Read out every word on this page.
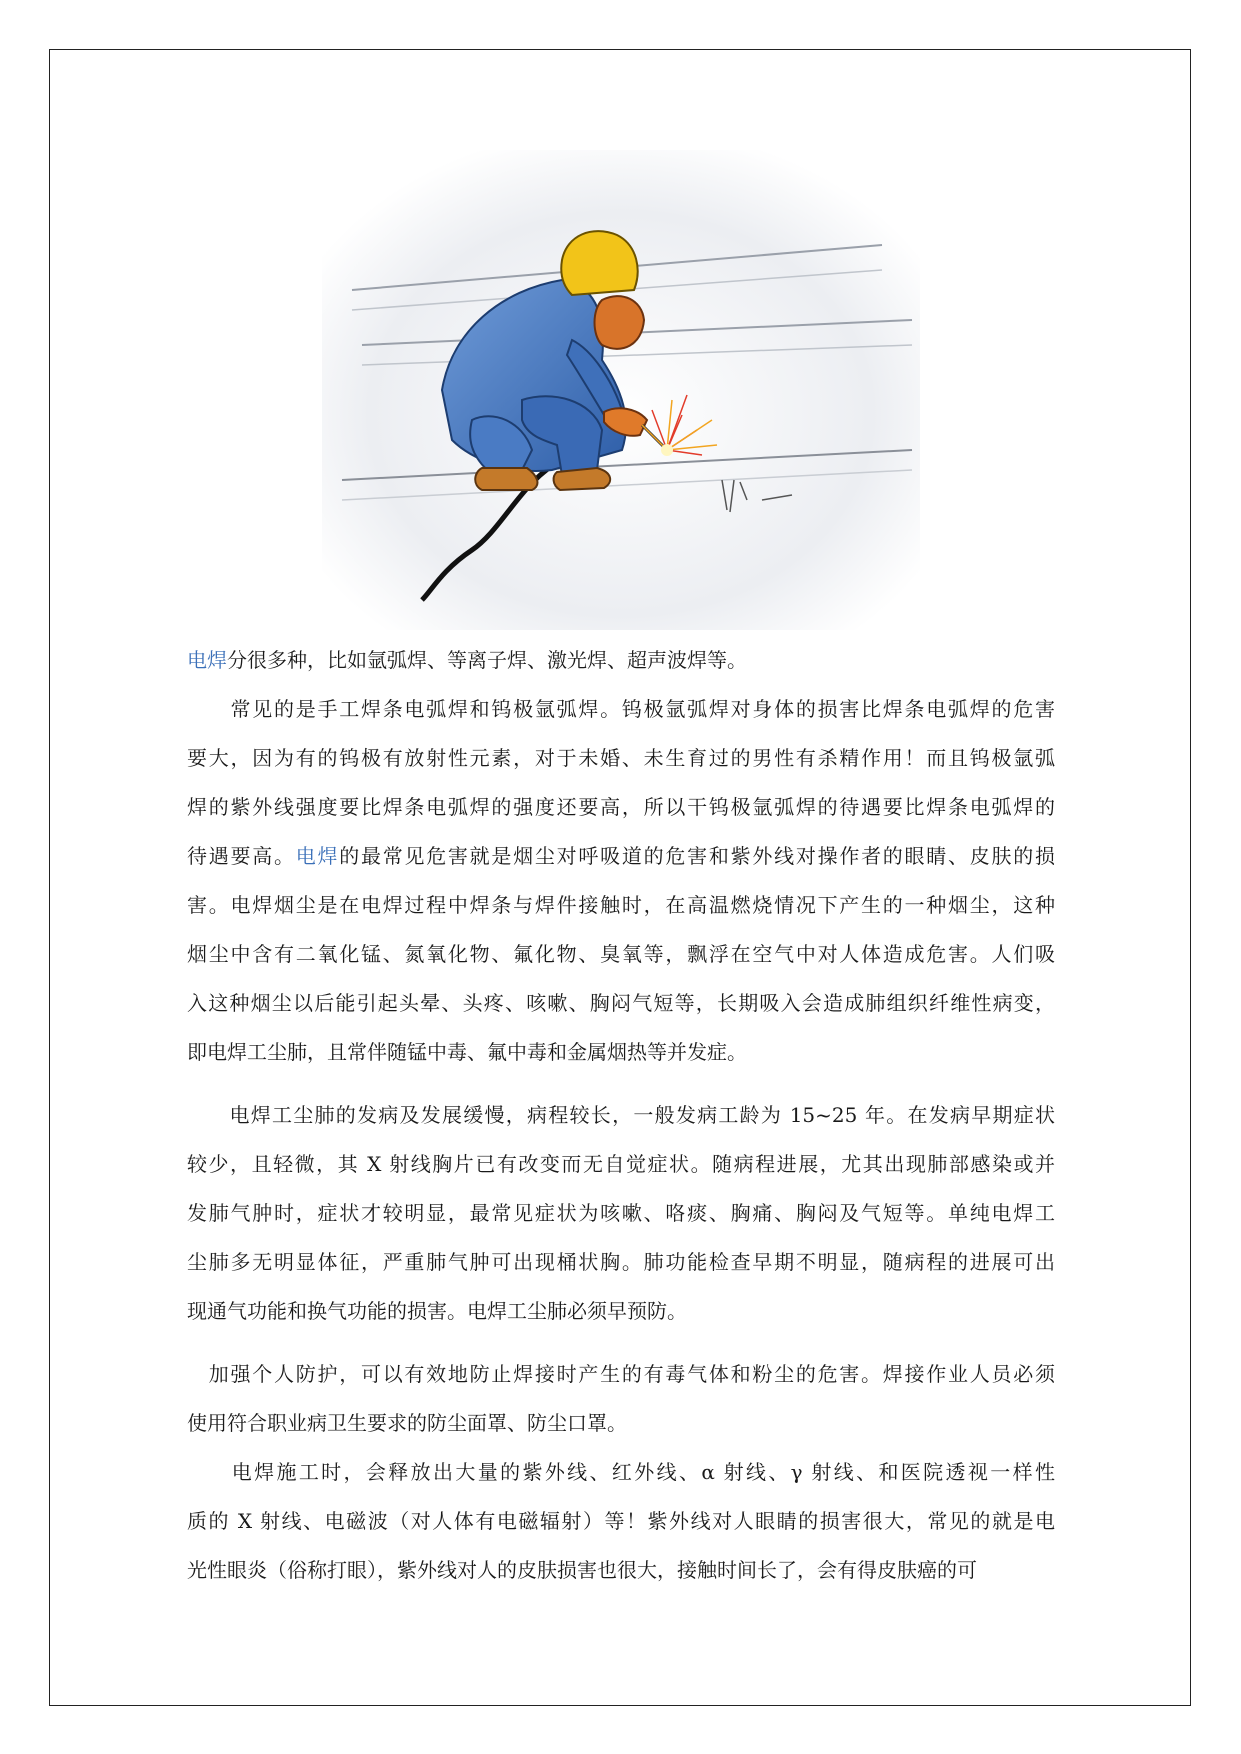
电焊分很多种，比如氩弧焊、等离子焊、激光焊、超声波焊等。
　　常见的是手工焊条电弧焊和钨极氩弧焊。钨极氩弧焊对身体的损害比焊条电弧焊的危害
要大，因为有的钨极有放射性元素，对于未婚、未生育过的男性有杀精作用！而且钨极氩弧
焊的紫外线强度要比焊条电弧焊的强度还要高，所以干钨极氩弧焊的待遇要比焊条电弧焊的
待遇要高。电焊的最常见危害就是烟尘对呼吸道的危害和紫外线对操作者的眼睛、皮肤的损
害。电焊烟尘是在电焊过程中焊条与焊件接触时，在高温燃烧情况下产生的一种烟尘，这种
烟尘中含有二氧化锰、氮氧化物、氟化物、臭氧等，飘浮在空气中对人体造成危害。人们吸
入这种烟尘以后能引起头晕、头疼、咳嗽、胸闷气短等，长期吸入会造成肺组织纤维性病变，
即电焊工尘肺，且常伴随锰中毒、氟中毒和金属烟热等并发症。
　　电焊工尘肺的发病及发展缓慢，病程较长，一般发病工龄为 15~25 年。在发病早期症状
较少，且轻微，其 X 射线胸片已有改变而无自觉症状。随病程进展，尤其出现肺部感染或并
发肺气肿时，症状才较明显，最常见症状为咳嗽、咯痰、胸痛、胸闷及气短等。单纯电焊工
尘肺多无明显体征，严重肺气肿可出现桶状胸。肺功能检查早期不明显，随病程的进展可出
现通气功能和换气功能的损害。电焊工尘肺必须早预防。
　加强个人防护，可以有效地防止焊接时产生的有毒气体和粉尘的危害。焊接作业人员必须
使用符合职业病卫生要求的防尘面罩、防尘口罩。
　　电焊施工时，会释放出大量的紫外线、红外线、α 射线、γ 射线、和医院透视一样性
质的 X 射线、电磁波（对人体有电磁辐射）等！紫外线对人眼睛的损害很大，常见的就是电
光性眼炎（俗称打眼），紫外线对人的皮肤损害也很大，接触时间长了，会有得皮肤癌的可
